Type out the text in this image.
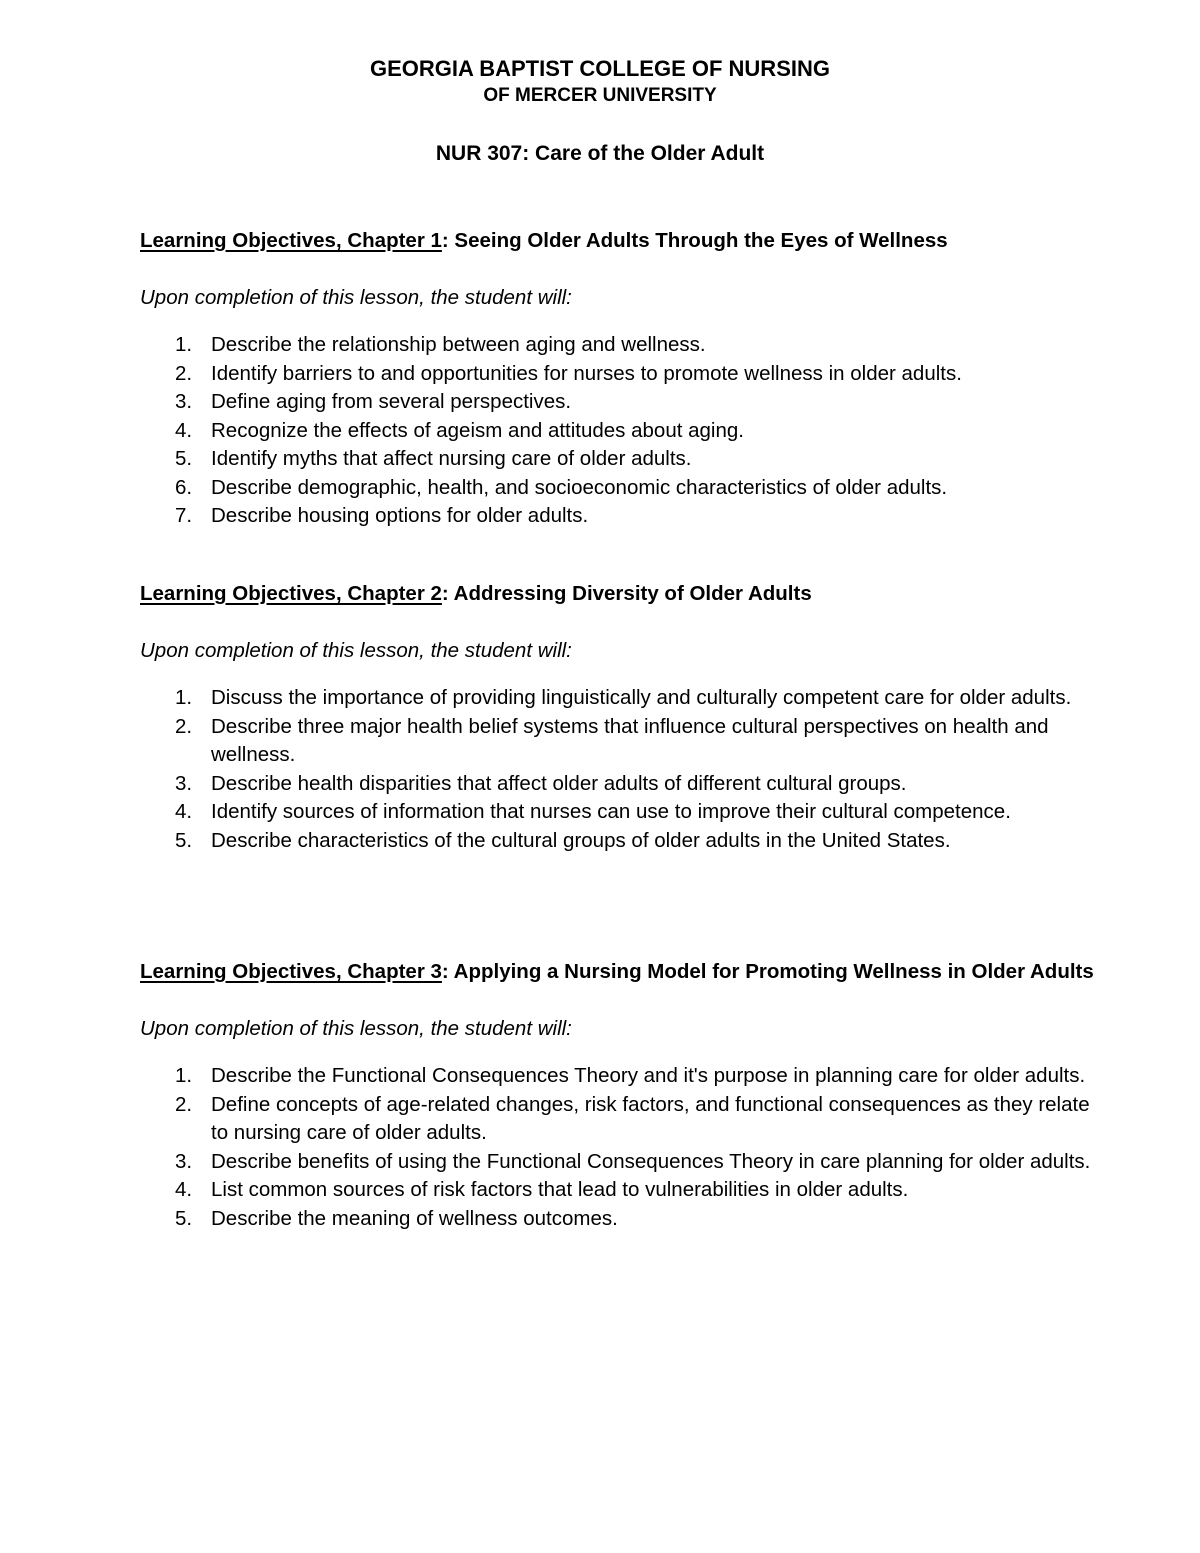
GEORGIA BAPTIST COLLEGE OF NURSING
OF MERCER UNIVERSITY
NUR 307: Care of the Older Adult

Learning Objectives, Chapter 1: Seeing Older Adults Through the Eyes of Wellness

Upon completion of this lesson, the student will:

1. Describe the relationship between aging and wellness.
2. Identify barriers to and opportunities for nurses to promote wellness in older adults.
3. Define aging from several perspectives.
4. Recognize the effects of ageism and attitudes about aging.
5. Identify myths that affect nursing care of older adults.
6. Describe demographic, health, and socioeconomic characteristics of older adults.
7. Describe housing options for older adults.

Learning Objectives, Chapter 2: Addressing Diversity of Older Adults

Upon completion of this lesson, the student will:

1. Discuss the importance of providing linguistically and culturally competent care for older adults.
2. Describe three major health belief systems that influence cultural perspectives on health and wellness.
3. Describe health disparities that affect older adults of different cultural groups.
4. Identify sources of information that nurses can use to improve their cultural competence.
5. Describe characteristics of the cultural groups of older adults in the United States.

Learning Objectives, Chapter 3: Applying a Nursing Model for Promoting Wellness in Older Adults

Upon completion of this lesson, the student will:

1. Describe the Functional Consequences Theory and it's purpose in planning care for older adults.
2. Define concepts of age-related changes, risk factors, and functional consequences as they relate to nursing care of older adults.
3. Describe benefits of using the Functional Consequences Theory in care planning for older adults.
4. List common sources of risk factors that lead to vulnerabilities in older adults.
5. Describe the meaning of wellness outcomes.
